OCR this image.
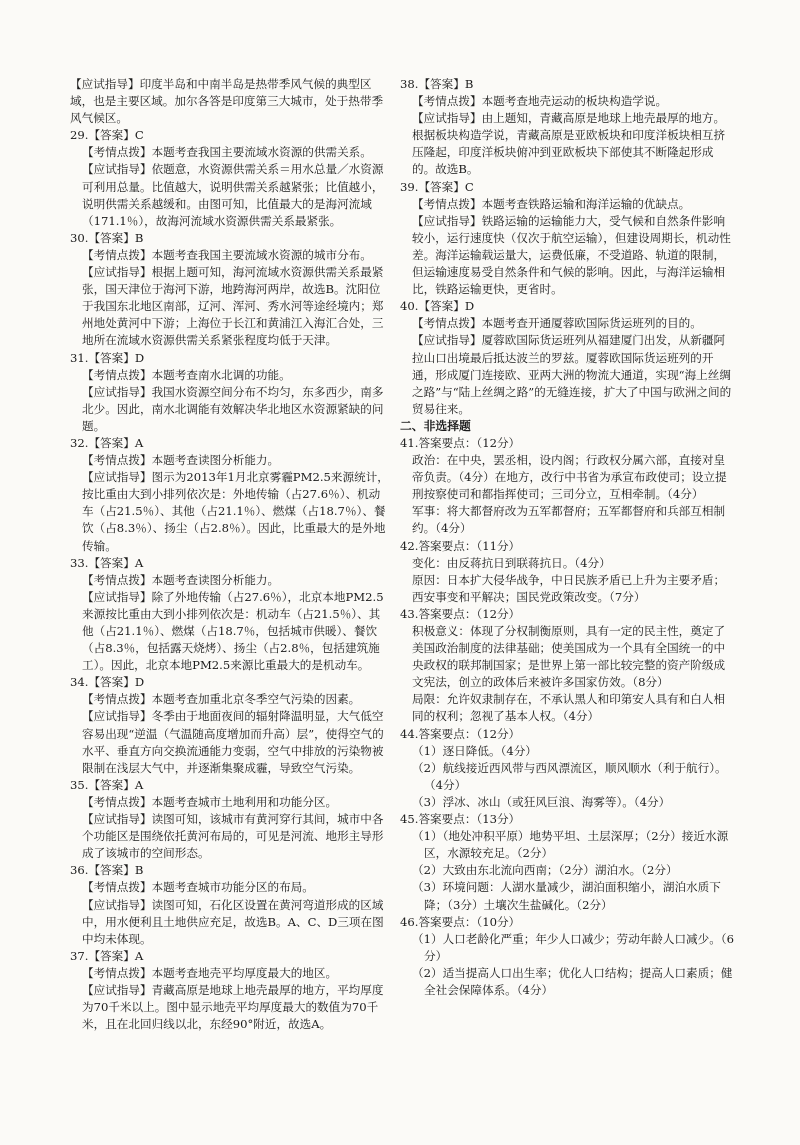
【应试指导】印度半岛和中南半岛是热带季风气候的典型区域，也是主要区域。加尔各答是印度第三大城市，处于热带季风气候区。
29.【答案】C
【考情点拨】本题考查我国主要流域水资源的供需关系。
【应试指导】依题意，水资源供需关系＝用水总量／水资源可利用总量。比值越大，说明供需关系越紧张；比值越小，说明供需关系越缓和。由图可知，比值最大的是海河流域（171.1％），故海河流域水资源供需关系最紧张。
30.【答案】B
【考情点拨】本题考查我国主要流域水资源的城市分布。
【应试指导】根据上题可知，海河流域水资源供需关系最紧张，国天津位于海河下游，地跨海河两岸，故选B。沈阳位于我国东北地区南部，辽河、浑河、秀水河等途经境内；郑州地处黄河中下游；上海位于长江和黄浦江入海汇合处，三地所在流域水资源供需关系紧张程度均低于天津。
31.【答案】D
【考情点拨】本题考查南水北调的功能。
【应试指导】我国水资源空间分布不均匀，东多西少，南多北少。因此，南水北调能有效解决华北地区水资源紧缺的问题。
32.【答案】A
【考情点拨】本题考查读图分析能力。
【应试指导】图示为2013年1月北京雾霾PM2.5来源统计，按比重由大到小排列依次是：外地传输（占27.6％）、机动车（占21.5％）、其他（占21.1％）、燃煤（占18.7％）、餐饮（占8.3％）、扬尘（占2.8％）。因此，比重最大的是外地传输。
33.【答案】A
【考情点拨】本题考查读图分析能力。
【应试指导】除了外地传输（占27.6％），北京本地PM2.5来源按比重由大到小排列依次是：机动车（占21.5％）、其他（占21.1％）、燃煤（占18.7％，包括城市供暖）、餐饮（占8.3％，包括露天烧烤）、扬尘（占2.8％，包括建筑施工）。因此，北京本地PM2.5来源比重最大的是机动车。
34.【答案】D
【考情点拨】本题考查加重北京冬季空气污染的因素。
【应试指导】冬季由于地面夜间的辐射降温明显，大气低空容易出现“逆温（气温随高度增加而升高）层”，使得空气的水平、垂直方向交换流通能力变弱，空气中排放的污染物被限制在浅层大气中，并逐渐集聚成霾，导致空气污染。
35.【答案】A
【考情点拨】本题考查城市土地利用和功能分区。
【应试指导】读图可知，该城市有黄河穿行其间，城市中各个功能区是围绕依托黄河布局的，可见是河流、地形主导形成了该城市的空间形态。
36.【答案】B
【考情点拨】本题考查城市功能分区的布局。
【应试指导】读图可知，石化区设置在黄河弯道形成的区域中，用水便利且土地供应充足，故选B。A、C、D三项在图中均未体现。
37.【答案】A
【考情点拨】本题考查地壳平均厚度最大的地区。
【应试指导】青藏高原是地球上地壳最厚的地方，平均厚度为70千米以上。图中显示地壳平均厚度最大的数值为70千米，且在北回归线以北，东经90°附近，故选A。
38.【答案】B
【考情点拨】本题考查地壳运动的板块构造学说。
【应试指导】由上题知，青藏高原是地球上地壳最厚的地方。根据板块构造学说，青藏高原是亚欧板块和印度洋板块相互挤压隆起，印度洋板块俯冲到亚欧板块下部使其不断隆起形成的。故选B。
39.【答案】C
【考情点拨】本题考查铁路运输和海洋运输的优缺点。
【应试指导】铁路运输的运输能力大，受气候和自然条件影响较小，运行速度快（仅次于航空运输），但建设周期长，机动性差。海洋运输载运量大，运费低廉，不受道路、轨道的限制，但运输速度易受自然条件和气候的影响。因此，与海洋运输相比，铁路运输更快，更省时。
40.【答案】D
【考情点拨】本题考查开通厦蓉欧国际货运班列的目的。
【应试指导】厦蓉欧国际货运班列从福建厦门出发，从新疆阿拉山口出境最后抵达波兰的罗兹。厦蓉欧国际货运班列的开通，形成厦门连接欧、亚两大洲的物流大通道，实现“海上丝绸之路”与“陆上丝绸之路”的无缝连接，扩大了中国与欧洲之间的贸易往来。
二、非选择题
41.答案要点：（12分）
政治：在中央，罢丞相，设内阁；行政权分属六部，直接对皇帝负责。（4分）在地方，改行中书省为承宣布政使司；设立提刑按察使司和都指挥使司；三司分立，互相牵制。（4分）
军事：将大都督府改为五军都督府；五军都督府和兵部互相制约。（4分）
42.答案要点：（11分）
变化：由反蒋抗日到联蒋抗日。（4分）
原因：日本扩大侵华战争，中日民族矛盾已上升为主要矛盾；西安事变和平解决；国民党政策改变。（7分）
43.答案要点：（12分）
积极意义：体现了分权制衡原则，具有一定的民主性，奠定了美国政治制度的法律基础；使美国成为一个具有全国统一的中央政权的联邦制国家；是世界上第一部比较完整的资产阶级成文宪法，创立的政体后来被许多国家仿效。（8分）
局限：允许奴隶制存在，不承认黑人和印第安人具有和白人相同的权利；忽视了基本人权。（4分）
44.答案要点：（12分）
（1）逐日降低。（4分）
（2）航线接近西风带与西风漂流区，顺风顺水（利于航行）。（4分）
（3）浮冰、冰山（或狂风巨浪、海雾等）。（4分）
45.答案要点：（13分）
（1）（地处冲积平原）地势平坦、土层深厚；（2分）接近水源区，水源较充足。（2分）
（2）大致由东北流向西南；（2分）湖泊水。（2分）
（3）环境问题：人湖水量减少，湖泊面积缩小，湖泊水质下降；（3分）土壤次生盐碱化。（2分）
46.答案要点：（10分）
（1）人口老龄化严重；年少人口减少；劳动年龄人口减少。（6分）
（2）适当提高人口出生率；优化人口结构；提高人口素质；健全社会保障体系。（4分）
